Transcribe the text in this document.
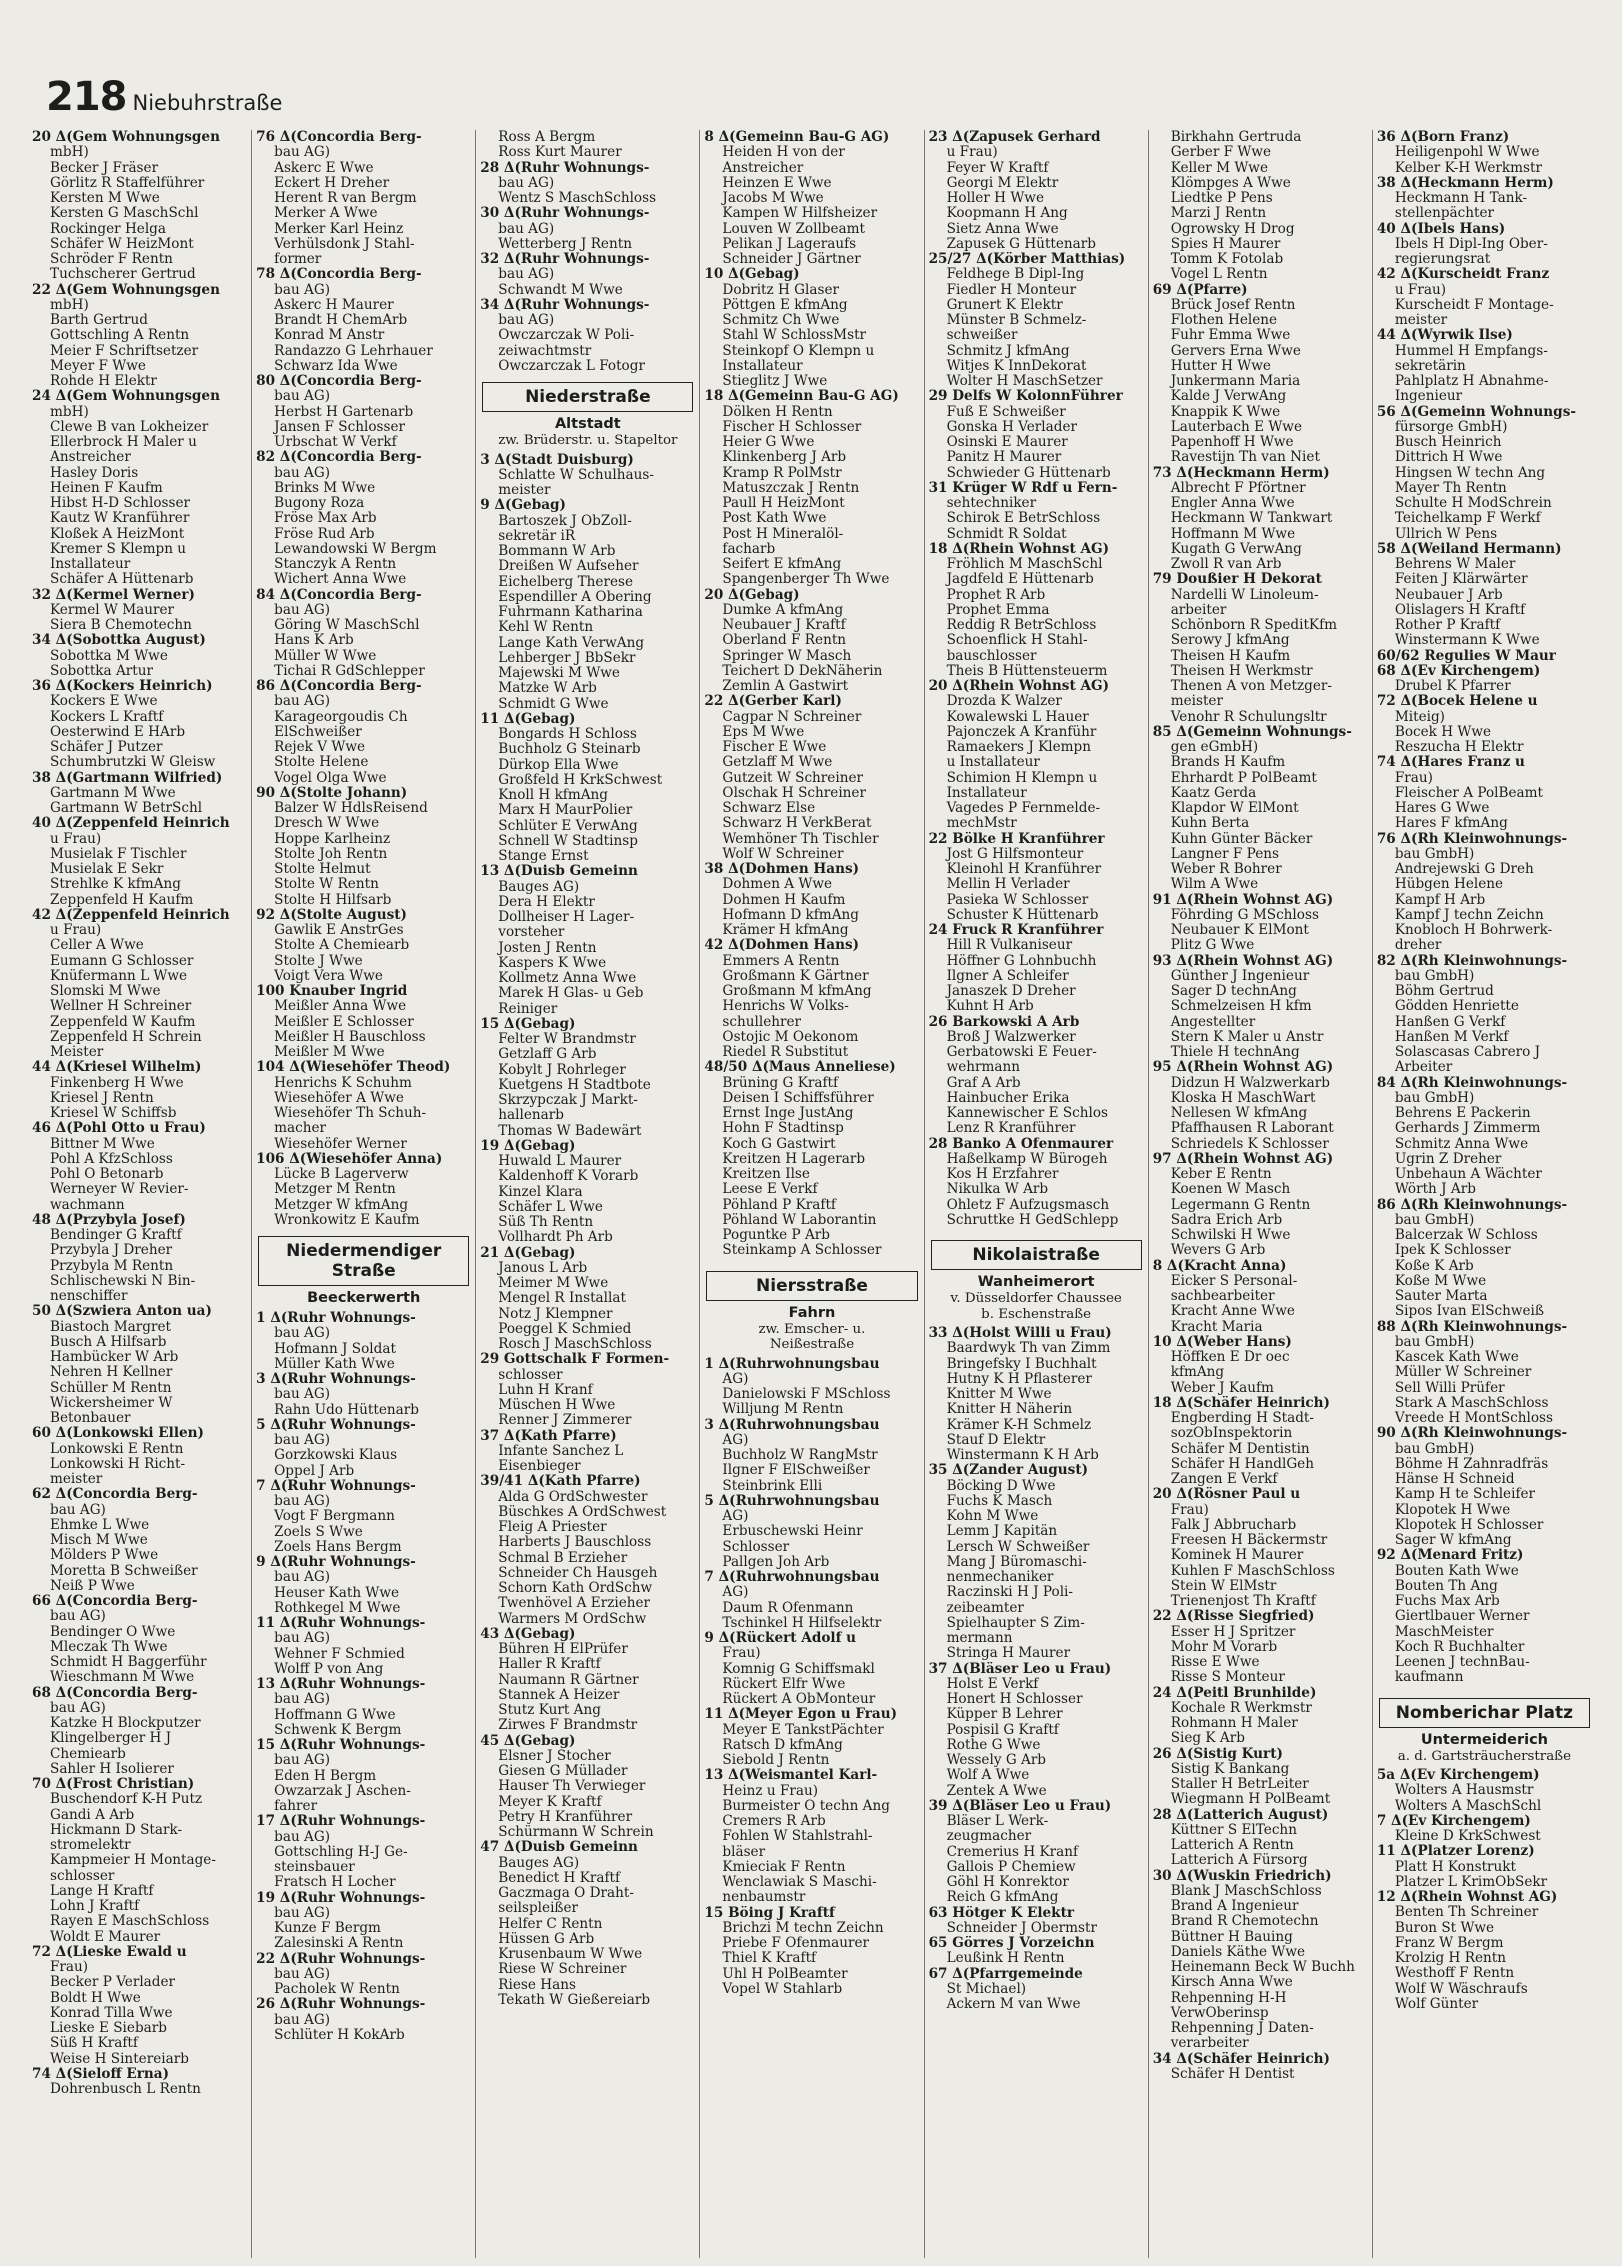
218 Niebuhrstraße
20 Δ(Gem Wohnungsgen
mbH)
Becker J Fräser
Görlitz R Staffelführer
Kersten M Wwe
Kersten G MaschSchl
Rockinger Helga
Schäfer W HeizMont
Schröder F Rentn
Tuchscherer Gertrud
22 Δ(Gem Wohnungsgen
mbH)
Barth Gertrud
Gottschling A Rentn
Meier F Schriftsetzer
Meyer F Wwe
Rohde H Elektr
24 Δ(Gem Wohnungsgen
mbH)
Clewe B van Lokheizer
Ellerbrock H Maler u
Anstreicher
Hasley Doris
Heinen F Kaufm
Hibst H-D Schlosser
Kautz W Kranführer
Kloßek A HeizMont
Kremer S Klempn u
Installateur
Schäfer A Hüttenarb
32 Δ(Kermel Werner)
Kermel W Maurer
Siera B Chemotechn
34 Δ(Sobottka August)
Sobottka M Wwe
Sobottka Artur
36 Δ(Kockers Heinrich)
Kockers E Wwe
Kockers L Kraftf
Oesterwind E HArb
Schäfer J Putzer
Schumbrutzki W Gleisw
38 Δ(Gartmann Wilfried)
Gartmann M Wwe
Gartmann W BetrSchl
40 Δ(Zeppenfeld Heinrich
u Frau)
Musielak F Tischler
Musielak E Sekr
Strehlke K kfmAng
Zeppenfeld H Kaufm
42 Δ(Zeppenfeld Heinrich
u Frau)
Celler A Wwe
Eumann G Schlosser
Knüfermann L Wwe
Slomski M Wwe
Wellner H Schreiner
Zeppenfeld W Kaufm
Zeppenfeld H Schrein
Meister
44 Δ(Kriesel Wilhelm)
Finkenberg H Wwe
Kriesel J Rentn
Kriesel W Schiffsb
46 Δ(Pohl Otto u Frau)
Bittner M Wwe
Pohl A KfzSchloss
Pohl O Betonarb
Werneyer W Revier-
wachmann
48 Δ(Przybyla Josef)
Bendinger G Kraftf
Przybyla J Dreher
Przybyla M Rentn
Schlischewski N Bin-
nenschiffer
50 Δ(Szwiera Anton ua)
Biastoch Margret
Busch A Hilfsarb
Hambücker W Arb
Nehren H Kellner
Schüller M Rentn
Wickersheimer W
Betonbauer
60 Δ(Lonkowski Ellen)
Lonkowski E Rentn
Lonkowski H Richt-
meister
62 Δ(Concordia Berg-
bau AG)
Ehmke L Wwe
Misch M Wwe
Mölders P Wwe
Moretta B Schweißer
Neiß P Wwe
66 Δ(Concordia Berg-
bau AG)
Bendinger O Wwe
Mleczak Th Wwe
Schmidt H Baggerführ
Wieschmann M Wwe
68 Δ(Concordia Berg-
bau AG)
Katzke H Blockputzer
Klingelberger H J
Chemiearb
Sahler H Isolierer
70 Δ(Frost Christian)
Buschendorf K-H Putz
Gandi A Arb
Hickmann D Stark-
stromelektr
Kampmeier H Montage-
schlosser
Lange H Kraftf
Lohn J Kraftf
Rayen E MaschSchloss
Woldt E Maurer
72 Δ(Lieske Ewald u
Frau)
Becker P Verlader
Boldt H Wwe
Konrad Tilla Wwe
Lieske E Siebarb
Süß H Kraftf
Weise H Sintereiarb
74 Δ(Sieloff Erna)
Dohrenbusch L Rentn
76 Δ(Concordia Berg-
bau AG)
Askerc E Wwe
Eckert H Dreher
Herent R van Bergm
Merker A Wwe
Merker Karl Heinz
Verhülsdonk J Stahl-
former
78 Δ(Concordia Berg-
bau AG)
Askerc H Maurer
Brandt H ChemArb
Konrad M Anstr
Randazzo G Lehrhauer
Schwarz Ida Wwe
80 Δ(Concordia Berg-
bau AG)
Herbst H Gartenarb
Jansen F Schlosser
Urbschat W Verkf
82 Δ(Concordia Berg-
bau AG)
Brinks M Wwe
Bugony Roza
Fröse Max Arb
Fröse Rud Arb
Lewandowski W Bergm
Stanczyk A Rentn
Wichert Anna Wwe
84 Δ(Concordia Berg-
bau AG)
Göring W MaschSchl
Hans K Arb
Müller W Wwe
Tichai R GdSchlepper
86 Δ(Concordia Berg-
bau AG)
Karageorgoudis Ch
ElSchweißer
Rejek V Wwe
Stolte Helene
Vogel Olga Wwe
90 Δ(Stolte Johann)
Balzer W HdlsReisend
Dresch W Wwe
Hoppe Karlheinz
Stolte Joh Rentn
Stolte Helmut
Stolte W Rentn
Stolte H Hilfsarb
92 Δ(Stolte August)
Gawlik E AnstrGes
Stolte A Chemiearb
Stolte J Wwe
Voigt Vera Wwe
100 Knauber Ingrid
Meißler Anna Wwe
Meißler E Schlosser
Meißler H Bauschloss
Meißler M Wwe
104 Δ(Wiesehöfer Theod)
Henrichs K Schuhm
Wiesehöfer A Wwe
Wiesehöfer Th Schuh-
macher
Wiesehöfer Werner
106 Δ(Wiesehöfer Anna)
Lücke B Lagerverw
Metzger M Rentn
Metzger W kfmAng
Wronkowitz E Kaufm
Niedermendiger Straße
Beeckerwerth
1 Δ(Ruhr Wohnungs-
bau AG)
Hofmann J Soldat
Müller Kath Wwe
3 Δ(Ruhr Wohnungs-
bau AG)
Rahn Udo Hüttenarb
5 Δ(Ruhr Wohnungs-
bau AG)
Gorzkowski Klaus
Oppel J Arb
7 Δ(Ruhr Wohnungs-
bau AG)
Vogt F Bergmann
Zoels S Wwe
Zoels Hans Bergm
9 Δ(Ruhr Wohnungs-
bau AG)
Heuser Kath Wwe
Rothkegel M Wwe
11 Δ(Ruhr Wohnungs-
bau AG)
Wehner F Schmied
Wolff P von Ang
13 Δ(Ruhr Wohnungs-
bau AG)
Hoffmann G Wwe
Schwenk K Bergm
15 Δ(Ruhr Wohnungs-
bau AG)
Eden H Bergm
Owzarzak J Aschen-
fahrer
17 Δ(Ruhr Wohnungs-
bau AG)
Gottschling H-J Ge-
steinsbauer
Fratsch H Locher
19 Δ(Ruhr Wohnungs-
bau AG)
Kunze F Bergm
Zalesinski A Rentn
22 Δ(Ruhr Wohnungs-
bau AG)
Pacholek W Rentn
26 Δ(Ruhr Wohnungs-
bau AG)
Schlüter H KokArb
Ross A Bergm
Ross Kurt Maurer
28 Δ(Ruhr Wohnungs-
bau AG)
Wentz S MaschSchloss
30 Δ(Ruhr Wohnungs-
bau AG)
Wetterberg J Rentn
32 Δ(Ruhr Wohnungs-
bau AG)
Schwandt M Wwe
34 Δ(Ruhr Wohnungs-
bau AG)
Owczarczak W Poli-
zeiwachtmstr
Owczarczak L Fotogr
Niederstraße
Altstadt
zw. Brüderstr. u. Stapeltor
3 Δ(Stadt Duisburg)
Schlatte W Schulhaus-
meister
9 Δ(Gebag)
Bartoszek J ObZoll-
sekretär iR
Bommann W Arb
Dreißen W Aufseher
Eichelberg Therese
Espendiller A Obering
Fuhrmann Katharina
Kehl W Rentn
Lange Kath VerwAng
Lehberger J BbSekr
Majewski M Wwe
Matzke W Arb
Schmidt G Wwe
11 Δ(Gebag)
Bongards H Schloss
Buchholz G Steinarb
Dürkop Ella Wwe
Großfeld H KrkSchwest
Knoll H kfmAng
Marx H MaurPolier
Schlüter E VerwAng
Schnell W Stadtinsp
Stange Ernst
13 Δ(Duisb Gemeinn
Bauges AG)
Dera H Elektr
Dollheiser H Lager-
vorsteher
Josten J Rentn
Kaspers K Wwe
Kollmetz Anna Wwe
Marek H Glas- u Geb
Reiniger
15 Δ(Gebag)
Felter W Brandmstr
Getzlaff G Arb
Kobylt J Rohrleger
Kuetgens H Stadtbote
Skrzypczak J Markt-
hallenarb
Thomas W Badewärt
19 Δ(Gebag)
Huwald L Maurer
Kaldenhoff K Vorarb
Kinzel Klara
Schäfer L Wwe
Süß Th Rentn
Vollhardt Ph Arb
21 Δ(Gebag)
Janous L Arb
Meimer M Wwe
Mengel R Installat
Notz J Klempner
Poeggel K Schmied
Rosch J MaschSchloss
29 Gottschalk F Formen-
schlosser
Luhn H Kranf
Müschen H Wwe
Renner J Zimmerer
37 Δ(Kath Pfarre)
Infante Sanchez L
Eisenbieger
39/41 Δ(Kath Pfarre)
Alda G OrdSchwester
Büschkes A OrdSchwest
Fleig A Priester
Harberts J Bauschloss
Schmal B Erzieher
Schneider Ch Hausgeh
Schorn Kath OrdSchw
Twenhövel A Erzieher
Warmers M OrdSchw
43 Δ(Gebag)
Bühren H ElPrüfer
Haller R Kraftf
Naumann R Gärtner
Stannek A Heizer
Stutz Kurt Ang
Zirwes F Brandmstr
45 Δ(Gebag)
Elsner J Stocher
Giesen G Müllader
Hauser Th Verwieger
Meyer K Kraftf
Petry H Kranführer
Schürmann W Schrein
47 Δ(Duisb Gemeinn
Bauges AG)
Benedict H Kraftf
Gaczmaga O Draht-
seilspleißer
Helfer C Rentn
Hüssen G Arb
Krusenbaum W Wwe
Riese W Schreiner
Riese Hans
Tekath W Gießereiarb
8 Δ(Gemeinn Bau-G AG)
Heiden H von der
Anstreicher
Heinzen E Wwe
Jacobs M Wwe
Kampen W Hilfsheizer
Louven W Zollbeamt
Pelikan J Lageraufs
Schneider J Gärtner
10 Δ(Gebag)
Dobritz H Glaser
Pöttgen E kfmAng
Schmitz Ch Wwe
Stahl W SchlossMstr
Steinkopf O Klempn u
Installateur
Stieglitz J Wwe
18 Δ(Gemeinn Bau-G AG)
Dölken H Rentn
Fischer H Schlosser
Heier G Wwe
Klinkenberg J Arb
Kramp R PolMstr
Matuszczak J Rentn
Paull H HeizMont
Post Kath Wwe
Post H Mineralöl-
facharb
Seifert E kfmAng
Spangenberger Th Wwe
20 Δ(Gebag)
Dumke A kfmAng
Neubauer J Kraftf
Oberland F Rentn
Springer W Masch
Teichert D DekNäherin
Zemlin A Gastwirt
22 Δ(Gerber Karl)
Cagpar N Schreiner
Eps M Wwe
Fischer E Wwe
Getzlaff M Wwe
Gutzeit W Schreiner
Olschak H Schreiner
Schwarz Else
Schwarz H VerkBerat
Wemhöner Th Tischler
Wolf W Schreiner
38 Δ(Dohmen Hans)
Dohmen A Wwe
Dohmen H Kaufm
Hofmann D kfmAng
Krämer H kfmAng
42 Δ(Dohmen Hans)
Emmers A Rentn
Großmann K Gärtner
Großmann M kfmAng
Henrichs W Volks-
schullehrer
Ostojic M Oekonom
Riedel R Substitut
48/50 Δ(Maus Anneliese)
Brüning G Kraftf
Deisen I Schiffsführer
Ernst Inge JustAng
Hohn F Stadtinsp
Koch G Gastwirt
Kreitzen H Lagerarb
Kreitzen Ilse
Leese E Verkf
Pöhland P Kraftf
Pöhland W Laborantin
Poguntke P Arb
Steinkamp A Schlosser
Niersstraße
Fahrn
zw. Emscher- u.
Neißestraße
1 Δ(Ruhrwohnungsbau
AG)
Danielowski F MSchloss
Willjung M Rentn
3 Δ(Ruhrwohnungsbau
AG)
Buchholz W RangMstr
Ilgner F ElSchweißer
Steinbrink Elli
5 Δ(Ruhrwohnungsbau
AG)
Erbuschewski Heinr
Schlosser
Pallgen Joh Arb
7 Δ(Ruhrwohnungsbau
AG)
Daum R Ofenmann
Tschinkel H Hilfselektr
9 Δ(Rückert Adolf u
Frau)
Komnig G Schiffsmakl
Rückert Elfr Wwe
Rückert A ObMonteur
11 Δ(Meyer Egon u Frau)
Meyer E TankstPächter
Ratsch D kfmAng
Siebold J Rentn
13 Δ(Weismantel Karl-
Heinz u Frau)
Burmeister O techn Ang
Cremers R Arb
Fohlen W Stahlstrahl-
bläser
Kmieciak F Rentn
Wenclawiak S Maschi-
nenbaumstr
15 Böing J Kraftf
Brichzi M techn Zeichn
Priebe F Ofenmaurer
Thiel K Kraftf
Uhl H PolBeamter
Vopel W Stahlarb
23 Δ(Zapusek Gerhard
u Frau)
Feyer W Kraftf
Georgi M Elektr
Holler H Wwe
Koopmann H Ang
Sietz Anna Wwe
Zapusek G Hüttenarb
25/27 Δ(Körber Matthias)
Feldhege B Dipl-Ing
Fiedler H Monteur
Grunert K Elektr
Münster B Schmelz-
schweißer
Schmitz J kfmAng
Witjes K InnDekorat
Wolter H MaschSetzer
29 Delfs W KolonnFührer
Fuß E Schweißer
Gonska H Verlader
Osinski E Maurer
Panitz H Maurer
Schwieder G Hüttenarb
31 Krüger W Rdf u Fern-
sehtechniker
Schirok E BetrSchloss
Schmidt R Soldat
18 Δ(Rhein Wohnst AG)
Fröhlich M MaschSchl
Jagdfeld E Hüttenarb
Prophet R Arb
Prophet Emma
Reddig R BetrSchloss
Schoenflick H Stahl-
bauschlosser
Theis B Hüttensteuerm
20 Δ(Rhein Wohnst AG)
Drozda K Walzer
Kowalewski L Hauer
Pajonczek A Kranführ
Ramaekers J Klempn
u Installateur
Schimion H Klempn u
Installateur
Vagedes P Fernmelde-
mechMstr
22 Bölke H Kranführer
Jost G Hilfsmonteur
Kleinohl H Kranführer
Mellin H Verlader
Pasieka W Schlosser
Schuster K Hüttenarb
24 Fruck R Kranführer
Hill R Vulkaniseur
Höffner G Lohnbuchh
Ilgner A Schleifer
Janaszek D Dreher
Kuhnt H Arb
26 Barkowski A Arb
Broß J Walzwerker
Gerbatowski E Feuer-
wehrmann
Graf A Arb
Hainbucher Erika
Kannewischer E Schlos
Lenz R Kranführer
28 Banko A Ofenmaurer
Haßelkamp W Bürogeh
Kos H Erzfahrer
Nikulka W Arb
Ohletz F Aufzugsmasch
Schruttke H GedSchlepp
Nikolaistraße
Wanheimerort
v. Düsseldorfer Chaussee
b. Eschenstraße
33 Δ(Holst Willi u Frau)
Baardwyk Th van Zimm
Bringefsky I Buchhalt
Hutny K H Pflasterer
Knitter M Wwe
Knitter H Näherin
Krämer K-H Schmelz
Stauf D Elektr
Winstermann K H Arb
35 Δ(Zander August)
Böcking D Wwe
Fuchs K Masch
Kohn M Wwe
Lemm J Kapitän
Lersch W Schweißer
Mang J Büromaschi-
nenmechaniker
Raczinski H J Poli-
zeibeamter
Spielhaupter S Zim-
mermann
Stringa H Maurer
37 Δ(Bläser Leo u Frau)
Holst E Verkf
Honert H Schlosser
Küpper B Lehrer
Pospisil G Kraftf
Rothe G Wwe
Wessely G Arb
Wolf A Wwe
Zentek A Wwe
39 Δ(Bläser Leo u Frau)
Bläser L Werk-
zeugmacher
Cremerius H Kranf
Gallois P Chemiew
Göhl H Konrektor
Reich G kfmAng
63 Hötger K Elektr
Schneider J Obermstr
65 Görres J Vorzeichn
Leußink H Rentn
67 Δ(Pfarrgemeinde
St Michael)
Ackern M van Wwe
Birkhahn Gertruda
Gerber F Wwe
Keller M Wwe
Klömpges A Wwe
Liedtke P Pens
Marzi J Rentn
Ogrowsky H Drog
Spies H Maurer
Tomm K Fotolab
Vogel L Rentn
69 Δ(Pfarre)
Brück Josef Rentn
Flothen Helene
Fuhr Emma Wwe
Gervers Erna Wwe
Hutter H Wwe
Junkermann Maria
Kalde J VerwAng
Knappik K Wwe
Lauterbach E Wwe
Papenhoff H Wwe
Ravestijn Th van Niet
73 Δ(Heckmann Herm)
Albrecht F Pförtner
Engler Anna Wwe
Heckmann W Tankwart
Hoffmann M Wwe
Kugath G VerwAng
Zwoll R van Arb
79 Doußier H Dekorat
Nardelli W Linoleum-
arbeiter
Schönborn R SpeditKfm
Serowy J kfmAng
Theisen H Kaufm
Theisen H Werkmstr
Thenen A von Metzger-
meister
Venohr R Schulungsltr
85 Δ(Gemeinn Wohnungs-
gen eGmbH)
Brands H Kaufm
Ehrhardt P PolBeamt
Kaatz Gerda
Klapdor W ElMont
Kuhn Berta
Kuhn Günter Bäcker
Langner F Pens
Weber R Bohrer
Wilm A Wwe
91 Δ(Rhein Wohnst AG)
Föhrding G MSchloss
Neubauer K ElMont
Plitz G Wwe
93 Δ(Rhein Wohnst AG)
Günther J Ingenieur
Sager D technAng
Schmelzeisen H kfm
Angestellter
Stern K Maler u Anstr
Thiele H technAng
95 Δ(Rhein Wohnst AG)
Didzun H Walzwerkarb
Kloska H MaschWart
Nellesen W kfmAng
Pfaffhausen R Laborant
Schriedels K Schlosser
97 Δ(Rhein Wohnst AG)
Keber E Rentn
Koenen W Masch
Legermann G Rentn
Sadra Erich Arb
Schwilski H Wwe
Wevers G Arb
8 Δ(Kracht Anna)
Eicker S Personal-
sachbearbeiter
Kracht Anne Wwe
Kracht Maria
10 Δ(Weber Hans)
Höffken E Dr oec
kfmAng
Weber J Kaufm
18 Δ(Schäfer Heinrich)
Engberding H Stadt-
sozObInspektorin
Schäfer M Dentistin
Schäfer H HandlGeh
Zangen E Verkf
20 Δ(Rösner Paul u
Frau)
Falk J Abbrucharb
Freesen H Bäckermstr
Kominek H Maurer
Kuhlen F MaschSchloss
Stein W ElMstr
Trienenjost Th Kraftf
22 Δ(Risse Siegfried)
Esser H J Spritzer
Mohr M Vorarb
Risse E Wwe
Risse S Monteur
24 Δ(Peitl Brunhilde)
Kochale R Werkmstr
Rohmann H Maler
Sieg K Arb
26 Δ(Sistig Kurt)
Sistig K Bankang
Staller H BetrLeiter
Wiegmann H PolBeamt
28 Δ(Latterich August)
Küttner S ElTechn
Latterich A Rentn
Latterich A Fürsorg
30 Δ(Wuskin Friedrich)
Blank J MaschSchloss
Brand A Ingenieur
Brand R Chemotechn
Büttner H Bauing
Daniels Käthe Wwe
Heinemann Beck W Buchh
Kirsch Anna Wwe
Rehpenning H-H
VerwOberinsp
Rehpenning J Daten-
verarbeiter
34 Δ(Schäfer Heinrich)
Schäfer H Dentist
36 Δ(Born Franz)
Heiligenpohl W Wwe
Kelber K-H Werkmstr
38 Δ(Heckmann Herm)
Heckmann H Tank-
stellenpächter
40 Δ(Ibels Hans)
Ibels H Dipl-Ing Ober-
regierungsrat
42 Δ(Kurscheidt Franz
u Frau)
Kurscheidt F Montage-
meister
44 Δ(Wyrwik Ilse)
Hummel H Empfangs-
sekretärin
Pahlplatz H Abnahme-
Ingenieur
56 Δ(Gemeinn Wohnungs-
fürsorge GmbH)
Busch Heinrich
Dittrich H Wwe
Hingsen W techn Ang
Mayer Th Rentn
Schulte H ModSchrein
Teichelkamp F Werkf
Ullrich W Pens
58 Δ(Weiland Hermann)
Behrens W Maler
Feiten J Klärwärter
Neubauer J Arb
Olislagers H Kraftf
Rother P Kraftf
Winstermann K Wwe
60/62 Regulies W Maur
68 Δ(Ev Kirchengem)
Drubel K Pfarrer
72 Δ(Bocek Helene u
Miteig)
Bocek H Wwe
Reszucha H Elektr
74 Δ(Hares Franz u
Frau)
Fleischer A PolBeamt
Hares G Wwe
Hares F kfmAng
76 Δ(Rh Kleinwohnungs-
bau GmbH)
Andrejewski G Dreh
Hübgen Helene
Kampf H Arb
Kampf J techn Zeichn
Knobloch H Bohrwerk-
dreher
82 Δ(Rh Kleinwohnungs-
bau GmbH)
Böhm Gertrud
Gödden Henriette
Hanßen G Verkf
Hanßen M Verkf
Solascasas Cabrero J
Arbeiter
84 Δ(Rh Kleinwohnungs-
bau GmbH)
Behrens E Packerin
Gerhards J Zimmerm
Schmitz Anna Wwe
Ugrin Z Dreher
Unbehaun A Wächter
Wörth J Arb
86 Δ(Rh Kleinwohnungs-
bau GmbH)
Balcerzak W Schloss
Ipek K Schlosser
Koße K Arb
Koße M Wwe
Sauter Marta
Sipos Ivan ElSchweiß
88 Δ(Rh Kleinwohnungs-
bau GmbH)
Kascek Kath Wwe
Müller W Schreiner
Sell Willi Prüfer
Stark A MaschSchloss
Vreede H MontSchloss
90 Δ(Rh Kleinwohnungs-
bau GmbH)
Böhme H Zahnradfräs
Hänse H Schneid
Kamp H te Schleifer
Klopotek H Wwe
Klopotek H Schlosser
Sager W kfmAng
92 Δ(Menard Fritz)
Bouten Kath Wwe
Bouten Th Ang
Fuchs Max Arb
Giertlbauer Werner
MaschMeister
Koch R Buchhalter
Leenen J technBau-
kaufmann
Nomberichar Platz
Untermeiderich
a. d. Gartsträucherstraße
5a Δ(Ev Kirchengem)
Wolters A Hausmstr
Wolters A MaschSchl
7 Δ(Ev Kirchengem)
Kleine D KrkSchwest
11 Δ(Platzer Lorenz)
Platt H Konstrukt
Platzer L KrimObSekr
12 Δ(Rhein Wohnst AG)
Benten Th Schreiner
Buron St Wwe
Franz W Bergm
Krolzig H Rentn
Westhoff F Rentn
Wolf W Wäschraufs
Wolf Günter
